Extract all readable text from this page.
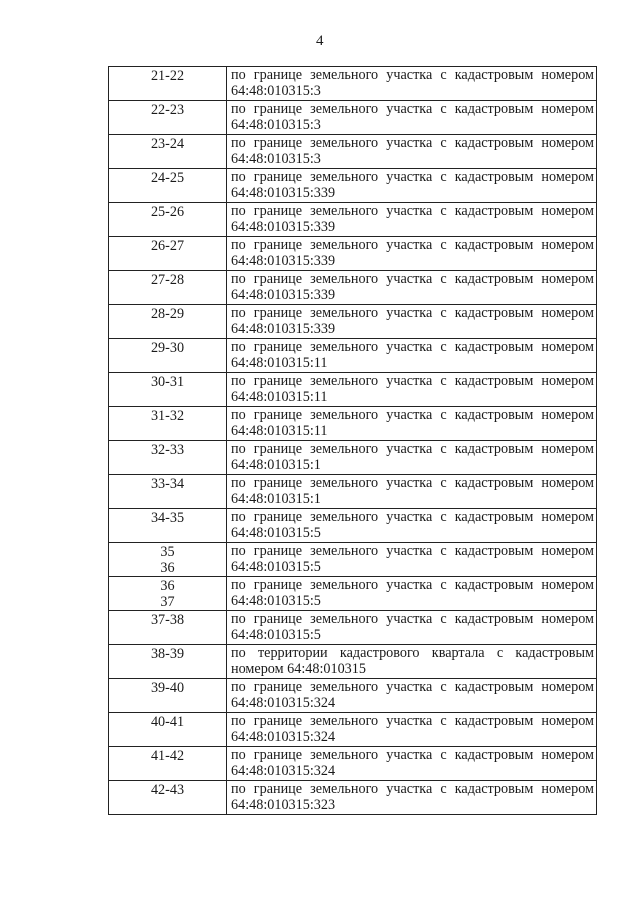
4
21-22	по границе земельного участка с кадастровым номером
64:48:010315:3

22-23	по границе земельного участка с кадастровым номером
64:48:010315:3

23-24	по границе земельного участка с кадастровым номером
64:48:010315:3

24-25	по границе земельного участка с кадастровым номером
64:48:010315:339

25-26	по границе земельного участка с кадастровым номером
64:48:010315:339

26-27	по границе земельного участка с кадастровым номером
64:48:010315:339

27-28	по границе земельного участка с кадастровым номером
64:48:010315:339

28-29	по границе земельного участка с кадастровым номером
64:48:010315:339

29-30	по границе земельного участка с кадастровым номером
64:48:010315:11

30-31	по границе земельного участка с кадастровым номером
64:48:010315:11

31-32	по границе земельного участка с кадастровым номером
64:48:010315:11

32-33	по границе земельного участка с кадастровым номером
64:48:010315:1

33-34	по границе земельного участка с кадастровым номером
64:48:010315:1

34-35	по границе земельного участка с кадастровым номером
64:48:010315:5

35
36	по границе земельного участка с кадастровым номером
64:48:010315:5

36
37	по границе земельного участка с кадастровым номером
64:48:010315:5

37-38	по границе земельного участка с кадастровым номером
64:48:010315:5

38-39	по территории кадастрового квартала с кадастровым
номером 64:48:010315

39-40	по границе земельного участка с кадастровым номером
64:48:010315:324

40-41	по границе земельного участка с кадастровым номером
64:48:010315:324

41-42	по границе земельного участка с кадастровым номером
64:48:010315:324

42-43	по границе земельного участка с кадастровым номером
64:48:010315:323
